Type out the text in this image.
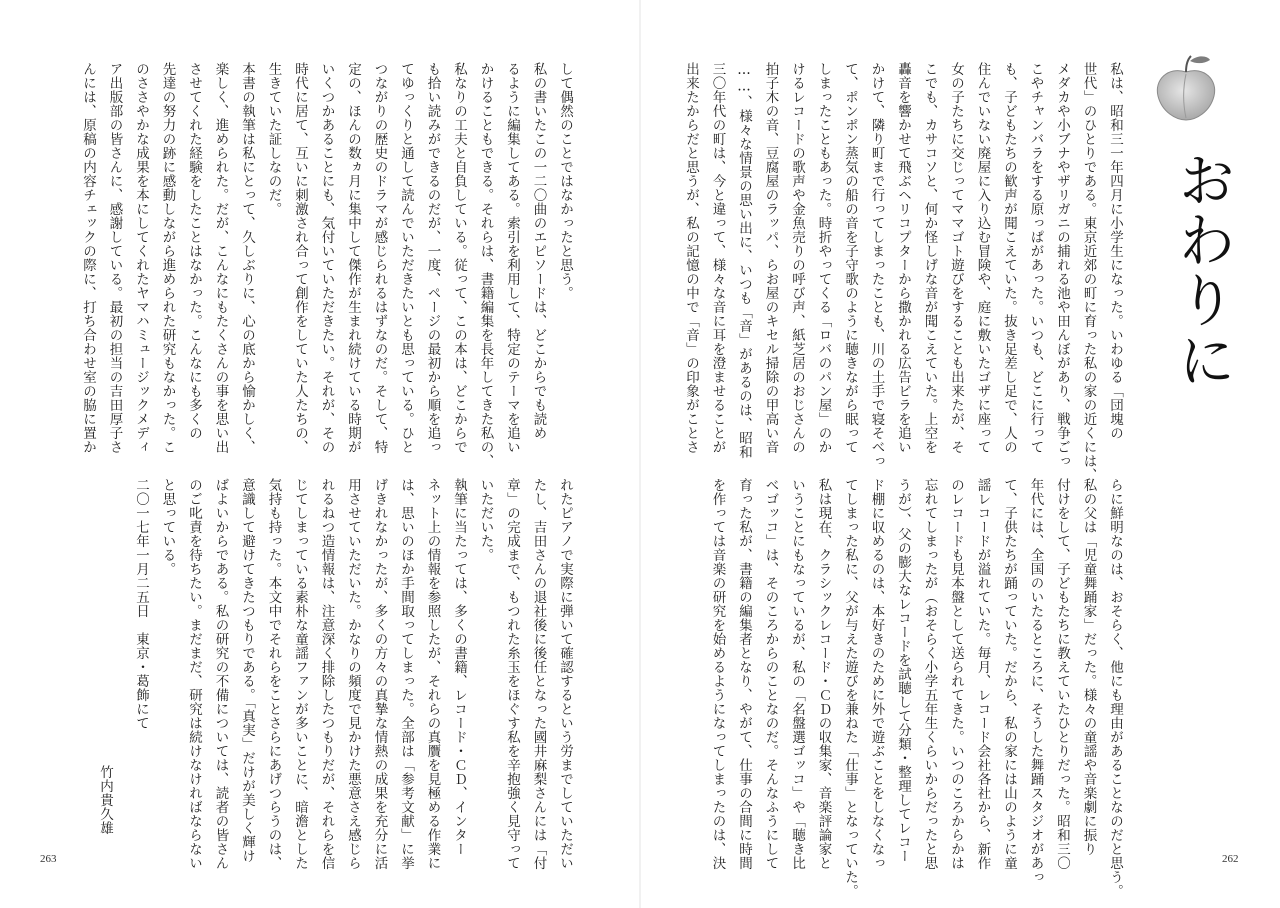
おわりに

私は、昭和三一年四月に小学生になった。いわゆる「団塊の

世代」のひとりである。東京近郊の町に育った私の家の近くには、

メダカや小ブナやザリガニの捕れる池や田んぼがあり、戦争ごっ

こやチャンバラをする原っぱがあった。いつも、どこに行って

も、子どもたちの歓声が聞こえていた。抜き足差し足で、人の

住んでいない廃屋に入り込む冒険や、庭に敷いたゴザに座って

女の子たちに交じってママゴト遊びをすることも出来たが、そ

こでも、カサコソと、何か怪しげな音が聞こえていた。上空を

轟音を響かせて飛ぶヘリコプターから撒かれる広告ビラを追い

かけて、隣り町まで行ってしまったことも、川の土手で寝そべっ

て、ポンポン蒸気の船の音を子守歌のように聴きながら眠って

しまったこともあった。時折やってくる「ロバのパン屋」のか

けるレコードの歌声や金魚売りの呼び声、紙芝居のおじさんの

拍子木の音、豆腐屋のラッパ、らお屋のキセル掃除の甲高い音

……、様々な情景の思い出に、いつも「音」があるのは、昭和

三〇年代の町は、今と違って、様々な音に耳を澄ませることが

出来たからだと思うが、私の記憶の中で「音」の印象がことさ

らに鮮明なのは、おそらく、他にも理由があることなのだと思う。

私の父は「児童舞踊家」だった。様々の童謡や音楽劇に振り

付けをして、子どもたちに教えていたひとりだった。昭和三〇

年代には、全国のいたるところに、そうした舞踊スタジオがあっ

て、子供たちが踊っていた。だから、私の家には山のように童

謡レコードが溢れていた。毎月、レコード会社各社から、新作

のレコードも見本盤として送られてきた。いつのころからかは

忘れてしまったが（おそらく小学五年生くらいからだったと思

うが）、父の膨大なレコードを試聴して分類・整理してレコー

ド棚に収めるのは、本好きのために外で遊ぶことをしなくなっ

てしまった私に、父が与えた遊びを兼ねた「仕事」となっていた。

私は現在、クラシックレコード・ＣＤの収集家、音楽評論家と

いうことにもなっているが、私の「名盤選ゴッコ」や「聴き比

べゴッコ」は、そのころからのことなのだ。そんなふうにして

育った私が、書籍の編集者となり、やがて、仕事の合間に時間

を作っては音楽の研究を始めるようになってしまったのは、決	262

して偶然のことではなかったと思う。

私の書いたこの一二〇曲のエピソードは、どこからでも読め

るように編集してある。索引を利用して、特定のテーマを追い

かけることもできる。それらは、書籍編集を長年してきた私の、

私なりの工夫と自負している。従って、この本は、どこからで

も拾い読みができるのだが、一度、ページの最初から順を追っ

てゆっくりと通して読んでいただきたいとも思っている。ひと

つながりの歴史のドラマが感じられるはずなのだ。そして、特

定の、ほんの数ヵ月に集中して傑作が生まれ続けている時期が

いくつかあることにも、気付いていただきたい。それが、その

時代に居て、互いに刺激され合って創作をしていた人たちの、

生きていた証しなのだ。

本書の執筆は私にとって、久しぶりに、心の底から愉かしく、

楽しく、進められた。だが、こんなにもたくさんの事を思い出

させてくれた経験をしたことはなかった。こんなにも多くの

先達の努力の跡に感動しながら進められた研究もなかった。こ

のささやかな成果を本にしてくれたヤマハミュージックメディ

ア出版部の皆さんに、感謝している。最初の担当の吉田厚子さ

んには、原稿の内容チェックの際に、打ち合わせ室の脇に置か

れたピアノで実際に弾いて確認するという労までしていただい

たし、吉田さんの退社後に後任となった國井麻梨さんには「付

章」の完成まで、もつれた糸玉をほぐす私を辛抱強く見守って

いただいた。

執筆に当たっては、多くの書籍、レコード・ＣＤ、インター

ネット上の情報を参照したが、それらの真贋を見極める作業に

は、思いのほか手間取ってしまった。全部は「参考文献」に挙

げきれなかったが、多くの方々の真摯な情熱の成果を充分に活

用させていただいた。かなりの頻度で見かけた悪意さえ感じら

れるねつ造情報は、注意深く排除したつもりだが、それらを信

じてしまっている素朴な童謡ファンが多いことに、暗澹とした

気持も持った。本文中でそれらをことさらにあげつらうのは、

意識して避けてきたつもりである。「真実」だけが美しく輝け

ばよいからである。私の研究の不備については、読者の皆さん

のご叱責を待ちたい。まだまだ、研究は続けなければならない

と思っている。

二〇一七年一月二五日　東京・葛飾にて

竹内貴久雄
263
